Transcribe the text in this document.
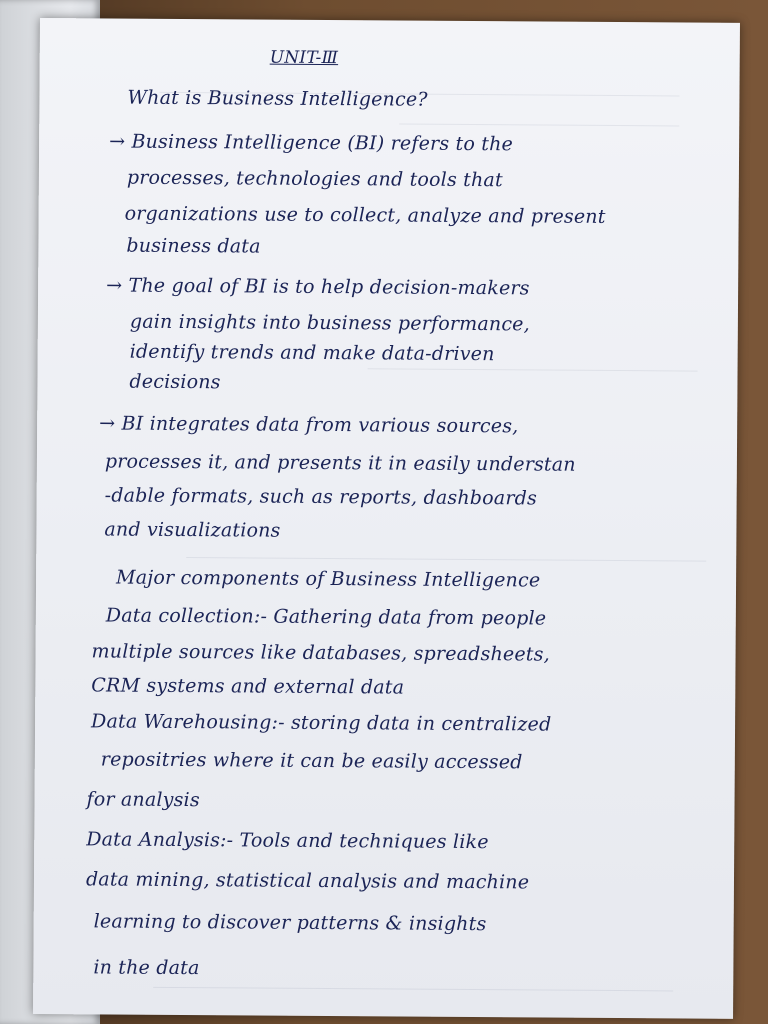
UNIT-Ⅲ

What is Business Intelligence?

→ Business Intelligence (BI) refers to the

processes, technologies and tools that

organizations use to collect, analyze and present

business data

→ The goal of BI is to help decision-makers

gain insights into business performance,

identify trends and make data-driven

decisions

→ BI integrates data from various sources,

processes it, and presents it in easily understan

-dable formats, such as reports, dashboards

and visualizations

Major components of Business Intelligence

Data collection:- Gathering data from people

multiple sources like databases, spreadsheets,

CRM systems and external data

Data Warehousing:- storing data in centralized

repositries where it can be easily accessed

for analysis

Data Analysis:- Tools and techniques like

data mining, statistical analysis and machine

learning to discover patterns & insights

in the data
